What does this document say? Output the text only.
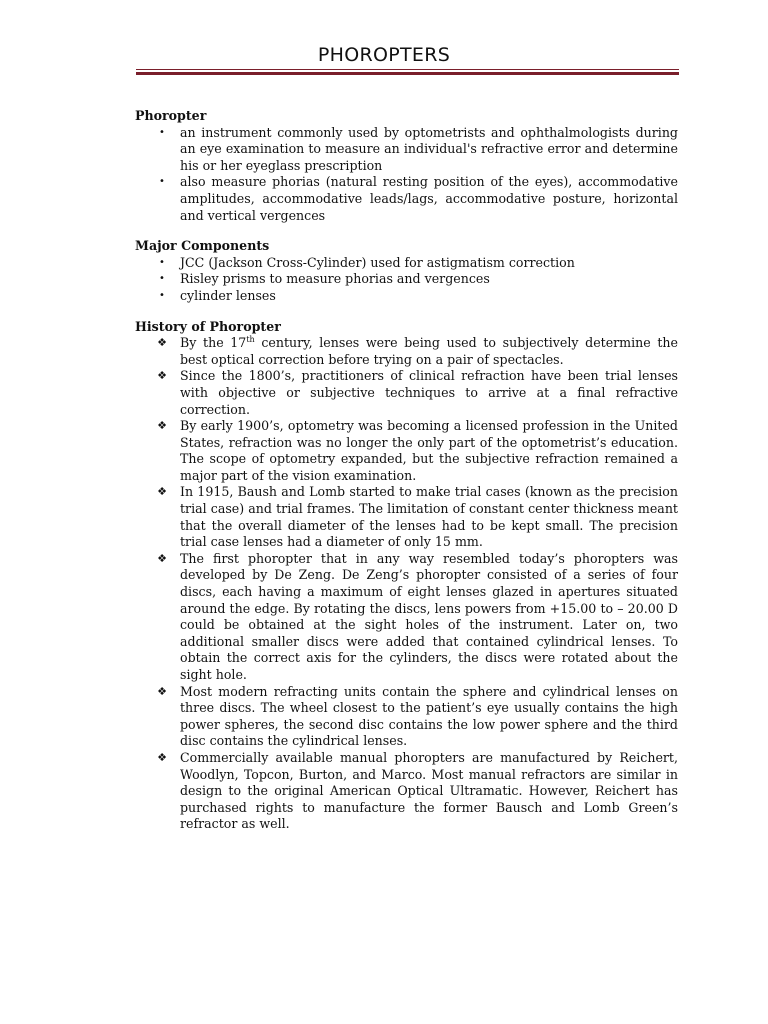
PHOROPTERS

Phoropter

•	an instrument commonly used by optometrists and ophthalmologists during an eye examination to measure an individual's refractive error and determine his or her eyeglass prescription
•	also measure phorias (natural resting position of the eyes), accommodative amplitudes, accommodative leads/lags, accommodative posture, horizontal and vertical vergences

Major Components

•	JCC (Jackson Cross-Cylinder) used for astigmatism correction
•	Risley prisms to measure phorias and vergences
•	cylinder lenses

History of Phoropter

❖ By the 17th century, lenses were being used to subjectively determine the best optical correction before trying on a pair of spectacles.
❖ Since the 1800’s, practitioners of clinical refraction have been trial lenses with objective or subjective techniques to arrive at a final refractive correction.
❖ By early 1900’s, optometry was becoming a licensed profession in the United States, refraction was no longer the only part of the optometrist’s education. The scope of optometry expanded, but the subjective refraction remained a major part of the vision examination.
❖ In 1915, Baush and Lomb started to make trial cases (known as the precision trial case) and trial frames. The limitation of constant center thickness meant that the overall diameter of the lenses had to be kept small. The precision trial case lenses had a diameter of only 15 mm.
❖ The first phoropter that in any way resembled today’s phoropters was developed by De Zeng. De Zeng’s phoropter consisted of a series of four discs, each having a maximum of eight lenses glazed in apertures situated around the edge. By rotating the discs, lens powers from +15.00 to – 20.00 D could be obtained at the sight holes of the instrument. Later on, two additional smaller discs were added that contained cylindrical lenses. To obtain the correct axis for the cylinders, the discs were rotated about the sight hole.
❖ Most modern refracting units contain the sphere and cylindrical lenses on three discs. The wheel closest to the patient’s eye usually contains the high power spheres, the second disc contains the low power sphere and the third disc contains the cylindrical lenses.
❖ Commercially available manual phoropters are manufactured by Reichert, Woodlyn, Topcon, Burton, and Marco. Most manual refractors are similar in design to the original American Optical Ultramatic. However, Reichert has purchased rights to manufacture the former Bausch and Lomb Green’s refractor as well.
